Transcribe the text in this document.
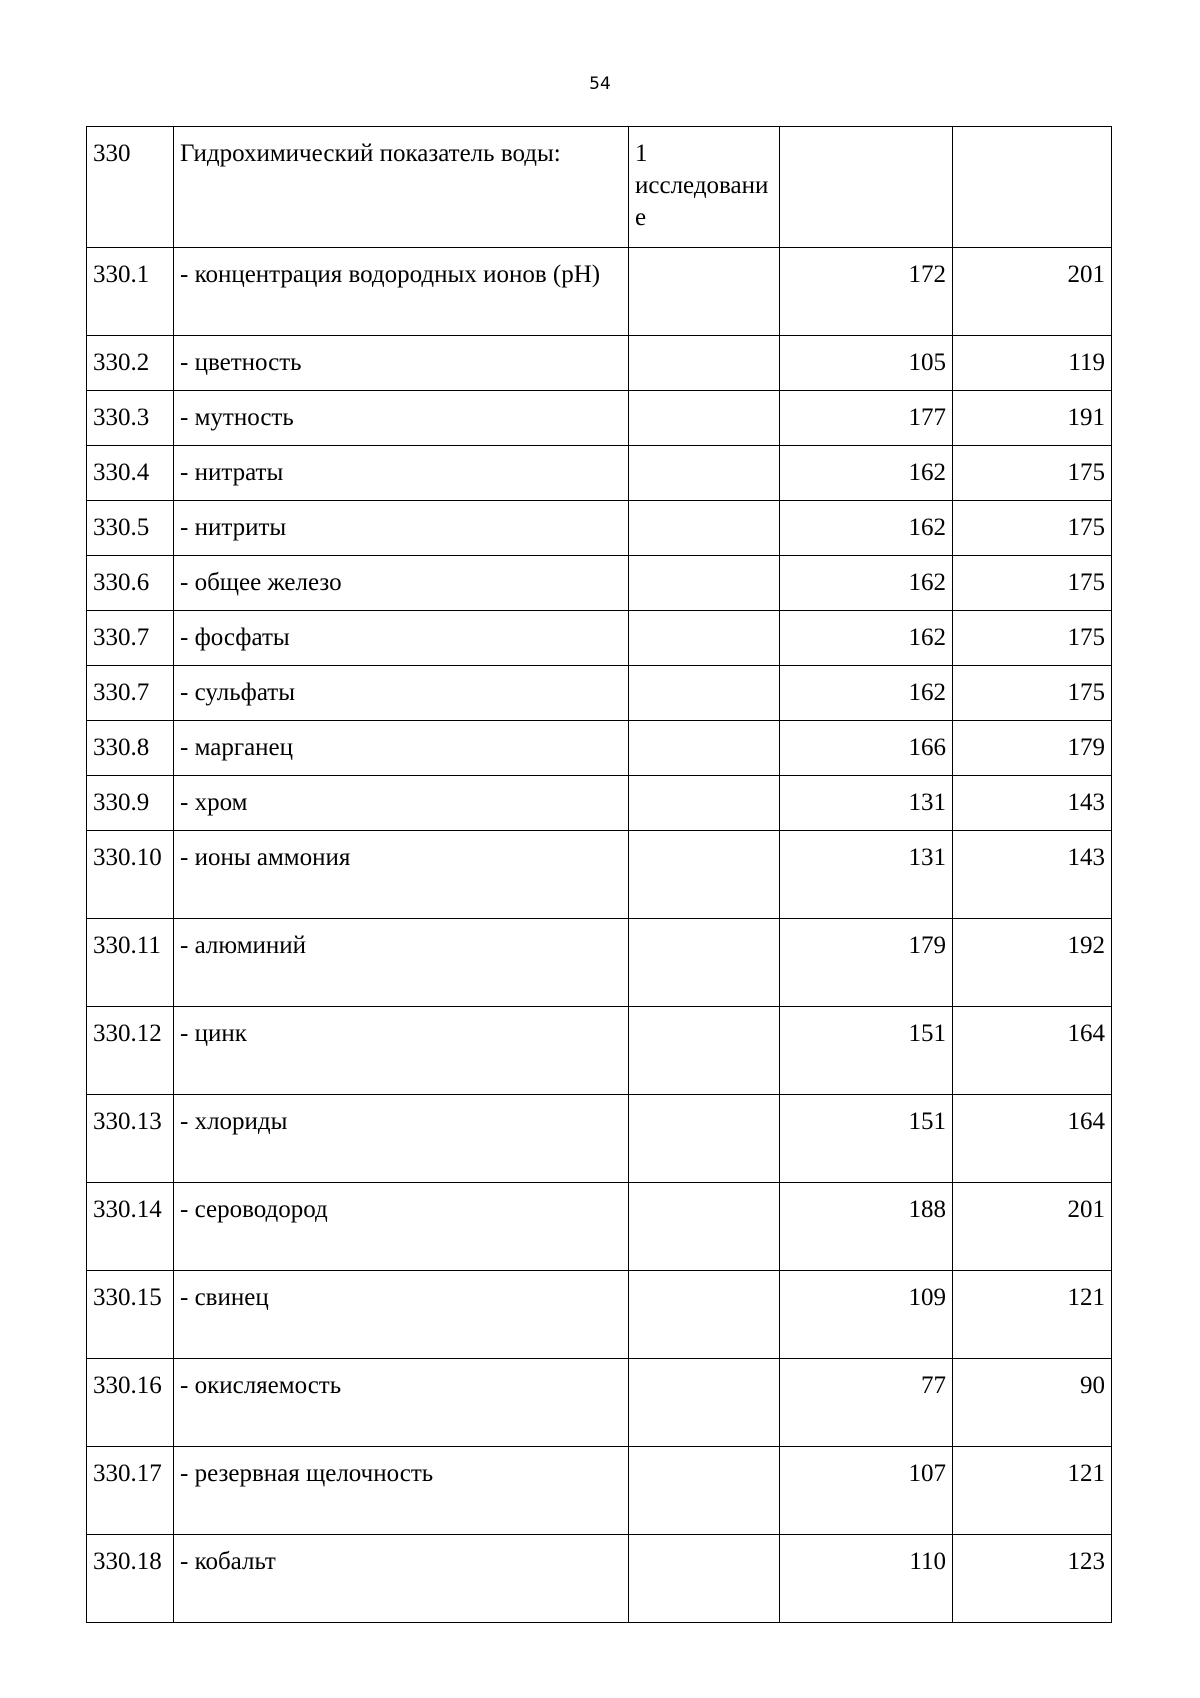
54
330	Гидрохимический показатель воды:	1 исследование		
330.1	- концентрация водородных ионов (pH)		172	201
330.2	- цветность		105	119
330.3	- мутность		177	191
330.4	- нитраты		162	175
330.5	- нитриты		162	175
330.6	- общее железо		162	175
330.7	- фосфаты		162	175
330.7	- сульфаты		162	175
330.8	- марганец		166	179
330.9	- хром		131	143
330.10	- ионы аммония		131	143
330.11	- алюминий		179	192
330.12	- цинк		151	164
330.13	- хлориды		151	164
330.14	- сероводород		188	201
330.15	- свинец		109	121
330.16	- окисляемость		77	90
330.17	- резервная щелочность		107	121
330.18	- кобальт		110	123
